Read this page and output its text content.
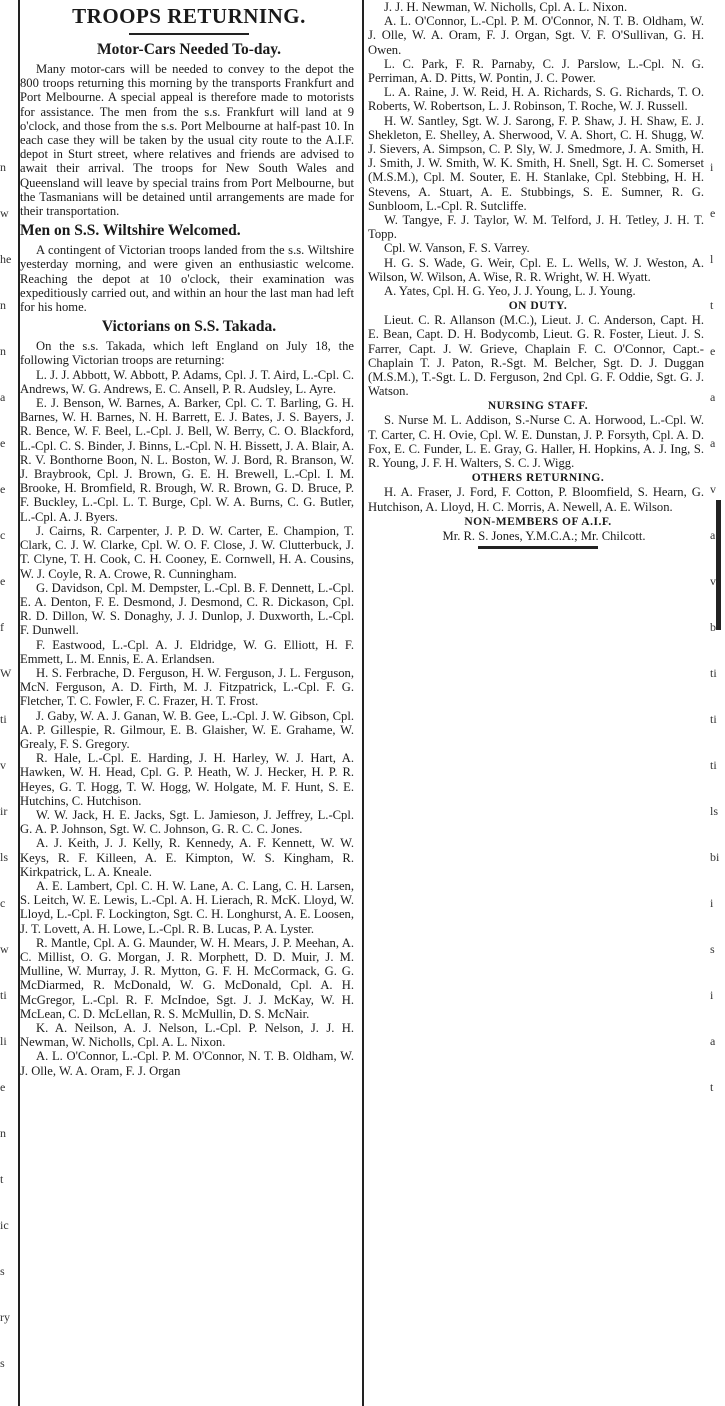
n
w
he
n
n
a
e
e
c
e
f
W
ti
v
ir
ls
c
w
ti
li
e
n
t
ic
s
ry
s
i
e
l
t
e
a
a
v
a
v
b
ti
ti
ti
ls
bi
i
s
i
a
t
TROOPS RETURNING.
Motor-Cars Needed To-day.

Many motor-cars will be needed to convey to the depot the 800 troops returning this morning by the transports Frankfurt and Port Melbourne. A special appeal is therefore made to motorists for assistance. The men from the s.s. Frankfurt will land at 9 o'clock, and those from the s.s. Port Melbourne at half-past 10. In each case they will be taken by the usual city route to the A.I.F. depot in Sturt street, where relatives and friends are advised to await their arrival. The troops for New South Wales and Queensland will leave by special trains from Port Melbourne, but the Tasmanians will be detained until arrangements are made for their transportation.

Men on S.S. Wiltshire Welcomed.

A contingent of Victorian troops landed from the s.s. Wiltshire yesterday morning, and were given an enthusiastic welcome. Reaching the depot at 10 o'clock, their examination was expeditiously carried out, and within an hour the last man had left for his home.

Victorians on S.S. Takada.

On the s.s. Takada, which left England on July 18, the following Victorian troops are returning:

L. J. J. Abbott, W. Abbott, P. Adams, Cpl. J. T. Aird, L.-Cpl. C. Andrews, W. G. Andrews, E. C. Ansell, P. R. Audsley, L. Ayre.

E. J. Benson, W. Barnes, A. Barker, Cpl. C. T. Barling, G. H. Barnes, W. H. Barnes, N. H. Barrett, E. J. Bates, J. S. Bayers, J. R. Bence, W. F. Beel, L.-Cpl. J. Bell, W. Berry, C. O. Blackford, L.-Cpl. C. S. Binder, J. Binns, L.-Cpl. N. H. Bissett, J. A. Blair, A. R. V. Bonthorne Boon, N. L. Boston, W. J. Bord, R. Branson, W. J. Braybrook, Cpl. J. Brown, G. E. H. Brewell, L.-Cpl. I. M. Brooke, H. Bromfield, R. Brough, W. R. Brown, G. D. Bruce, P. F. Buckley, L.-Cpl. L. T. Burge, Cpl. W. A. Burns, C. G. Butler, L.-Cpl. A. J. Byers.

J. Cairns, R. Carpenter, J. P. D. W. Carter, E. Champion, T. Clark, C. J. W. Clarke, Cpl. W. O. F. Close, J. W. Clutterbuck, J. T. Clyne, T. H. Cook, C. H. Cooney, E. Cornwell, H. A. Cousins, W. J. Coyle, R. A. Crowe, R. Cunningham.

G. Davidson, Cpl. M. Dempster, L.-Cpl. B. F. Dennett, L.-Cpl. E. A. Denton, F. E. Desmond, J. Desmond, C. R. Dickason, Cpl. R. D. Dillon, W. S. Donaghy, J. J. Dunlop, J. Duxworth, L.-Cpl. F. Dunwell.

F. Eastwood, L.-Cpl. A. J. Eldridge, W. G. Elliott, H. F. Emmett, L. M. Ennis, E. A. Erlandsen.

H. S. Ferbrache, D. Ferguson, H. W. Ferguson, J. L. Ferguson, McN. Ferguson, A. D. Firth, M. J. Fitzpatrick, L.-Cpl. F. G. Fletcher, T. C. Fowler, F. C. Frazer, H. T. Frost.

J. Gaby, W. A. J. Ganan, W. B. Gee, L.-Cpl. J. W. Gibson, Cpl. A. P. Gillespie, R. Gilmour, E. B. Glaisher, W. E. Grahame, W. Grealy, F. S. Gregory.

R. Hale, L.-Cpl. E. Harding, J. H. Harley, W. J. Hart, A. Hawken, W. H. Head, Cpl. G. P. Heath, W. J. Hecker, H. P. R. Heyes, G. T. Hogg, T. W. Hogg, W. Holgate, M. F. Hunt, S. E. Hutchins, C. Hutchison.

W. W. Jack, H. E. Jacks, Sgt. L. Jamieson, J. Jeffrey, L.-Cpl. G. A. P. Johnson, Sgt. W. C. Johnson, G. R. C. C. Jones.

A. J. Keith, J. J. Kelly, R. Kennedy, A. F. Kennett, W. W. Keys, R. F. Killeen, A. E. Kimpton, W. S. Kingham, R. Kirkpatrick, L. A. Kneale.

A. E. Lambert, Cpl. C. H. W. Lane, A. C. Lang, C. H. Larsen, S. Leitch, W. E. Lewis, L.-Cpl. A. H. Lierach, R. McK. Lloyd, W. Lloyd, L.-Cpl. F. Lockington, Sgt. C. H. Longhurst, A. E. Loosen, J. T. Lovett, A. H. Lowe, L.-Cpl. R. B. Lucas, P. A. Lyster.

R. Mantle, Cpl. A. G. Maunder, W. H. Mears, J. P. Meehan, A. C. Millist, O. G. Morgan, J. R. Morphett, D. D. Muir, J. M. Mulline, W. Murray, J. R. Mytton, G. F. H. McCormack, G. G. McDiarmed, R. McDonald, W. G. McDonald, Cpl. A. H. McGregor, L.-Cpl. R. F. McIndoe, Sgt. J. J. McKay, W. H. McLean, C. D. McLellan, R. S. McMullin, D. S. McNair.

K. A. Neilson, A. J. Nelson, L.-Cpl. P. Nelson, J. J. H. Newman, W. Nicholls, Cpl. A. L. Nixon.

A. L. O'Connor, L.-Cpl. P. M. O'Connor, N. T. B. Oldham, W. J. Olle, W. A. Oram, F. J. Organ

J. J. H. Newman, W. Nicholls, Cpl. A. L. Nixon.

A. L. O'Connor, L.-Cpl. P. M. O'Connor, N. T. B. Oldham, W. J. Olle, W. A. Oram, F. J. Organ, Sgt. V. F. O'Sullivan, G. H. Owen.

L. C. Park, F. R. Parnaby, C. J. Parslow, L.-Cpl. N. G. Perriman, A. D. Pitts, W. Pontin, J. C. Power.

L. A. Raine, J. W. Reid, H. A. Richards, S. G. Richards, T. O. Roberts, W. Robertson, L. J. Robinson, T. Roche, W. J. Russell.

H. W. Santley, Sgt. W. J. Sarong, F. P. Shaw, J. H. Shaw, E. J. Shekleton, E. Shelley, A. Sherwood, V. A. Short, C. H. Shugg, W. J. Sievers, A. Simpson, C. P. Sly, W. J. Smedmore, J. A. Smith, H. J. Smith, J. W. Smith, W. K. Smith, H. Snell, Sgt. H. C. Somerset (M.S.M.), Cpl. M. Souter, E. H. Stanlake, Cpl. Stebbing, H. H. Stevens, A. Stuart, A. E. Stubbings, S. E. Sumner, R. G. Sunbloom, L.-Cpl. R. Sutcliffe.

W. Tangye, F. J. Taylor, W. M. Telford, J. H. Tetley, J. H. T. Topp.

Cpl. W. Vanson, F. S. Varrey.

H. G. S. Wade, G. Weir, Cpl. E. L. Wells, W. J. Weston, A. Wilson, W. Wilson, A. Wise, R. R. Wright, W. H. Wyatt.

A. Yates, Cpl. H. G. Yeo, J. J. Young, L. J. Young.

ON DUTY.

Lieut. C. R. Allanson (M.C.), Lieut. J. C. Anderson, Capt. H. E. Bean, Capt. D. H. Bodycomb, Lieut. G. R. Foster, Lieut. J. S. Farrer, Capt. J. W. Grieve, Chaplain F. C. O'Connor, Capt.-Chaplain T. J. Paton, R.-Sgt. M. Belcher, Sgt. D. J. Duggan (M.S.M.), T.-Sgt. L. D. Ferguson, 2nd Cpl. G. F. Oddie, Sgt. G. J. Watson.

NURSING STAFF.

S. Nurse M. L. Addison, S.-Nurse C. A. Horwood, L.-Cpl. W. T. Carter, C. H. Ovie, Cpl. W. E. Dunstan, J. P. Forsyth, Cpl. A. D. Fox, E. C. Funder, L. E. Gray, G. Haller, H. Hopkins, A. J. Ing, S. R. Young, J. F. H. Walters, S. C. J. Wigg.

OTHERS RETURNING.

H. A. Fraser, J. Ford, F. Cotton, P. Bloomfield, S. Hearn, G. Hutchison, A. Lloyd, H. C. Morris, A. Newell, A. E. Wilson.

NON-MEMBERS OF A.I.F.

Mr. R. S. Jones, Y.M.C.A.; Mr. Chilcott.
